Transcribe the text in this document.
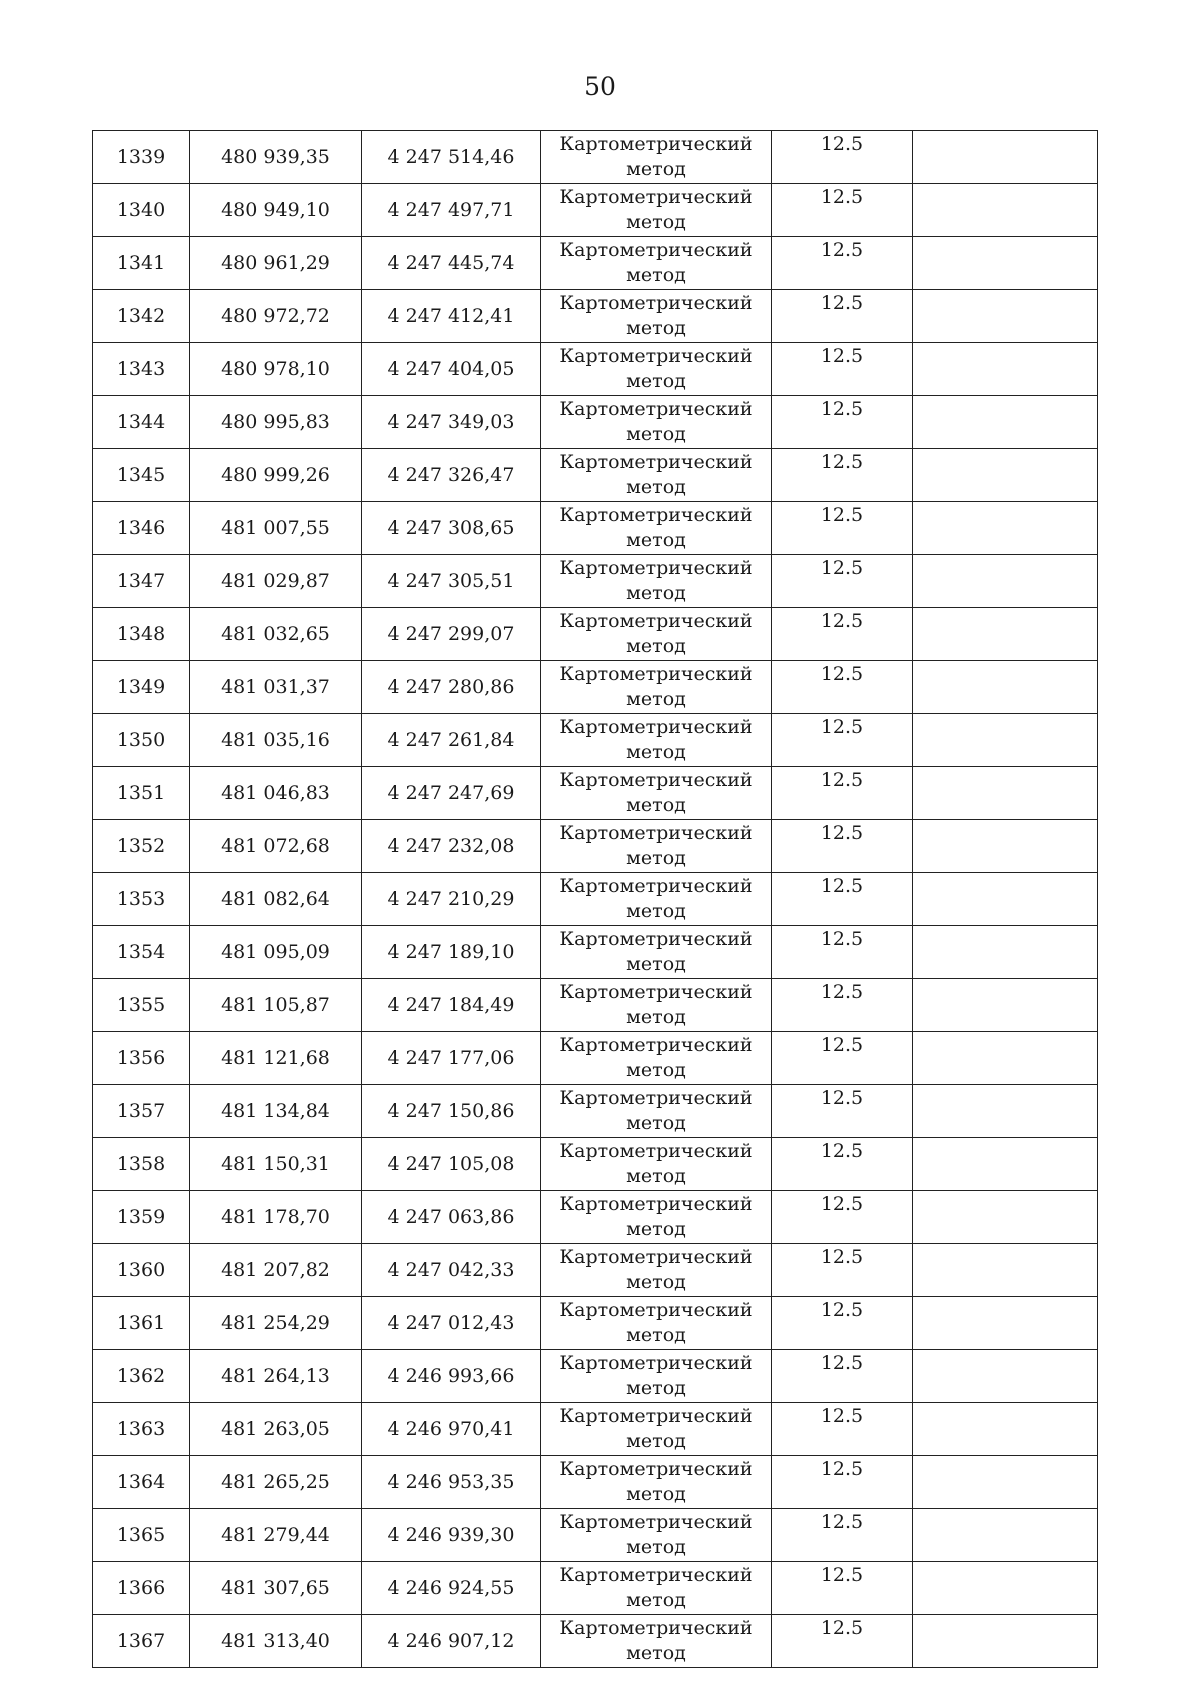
50
1339	480 939,35	4 247 514,46	Картометрический
метод	12.5	
1340	480 949,10	4 247 497,71	Картометрический
метод	12.5	
1341	480 961,29	4 247 445,74	Картометрический
метод	12.5	
1342	480 972,72	4 247 412,41	Картометрический
метод	12.5	
1343	480 978,10	4 247 404,05	Картометрический
метод	12.5	
1344	480 995,83	4 247 349,03	Картометрический
метод	12.5	
1345	480 999,26	4 247 326,47	Картометрический
метод	12.5	
1346	481 007,55	4 247 308,65	Картометрический
метод	12.5	
1347	481 029,87	4 247 305,51	Картометрический
метод	12.5	
1348	481 032,65	4 247 299,07	Картометрический
метод	12.5	
1349	481 031,37	4 247 280,86	Картометрический
метод	12.5	
1350	481 035,16	4 247 261,84	Картометрический
метод	12.5	
1351	481 046,83	4 247 247,69	Картометрический
метод	12.5	
1352	481 072,68	4 247 232,08	Картометрический
метод	12.5	
1353	481 082,64	4 247 210,29	Картометрический
метод	12.5	
1354	481 095,09	4 247 189,10	Картометрический
метод	12.5	
1355	481 105,87	4 247 184,49	Картометрический
метод	12.5	
1356	481 121,68	4 247 177,06	Картометрический
метод	12.5	
1357	481 134,84	4 247 150,86	Картометрический
метод	12.5	
1358	481 150,31	4 247 105,08	Картометрический
метод	12.5	
1359	481 178,70	4 247 063,86	Картометрический
метод	12.5	
1360	481 207,82	4 247 042,33	Картометрический
метод	12.5	
1361	481 254,29	4 247 012,43	Картометрический
метод	12.5	
1362	481 264,13	4 246 993,66	Картометрический
метод	12.5	
1363	481 263,05	4 246 970,41	Картометрический
метод	12.5	
1364	481 265,25	4 246 953,35	Картометрический
метод	12.5	
1365	481 279,44	4 246 939,30	Картометрический
метод	12.5	
1366	481 307,65	4 246 924,55	Картометрический
метод	12.5	
1367	481 313,40	4 246 907,12	Картометрический
метод	12.5	
